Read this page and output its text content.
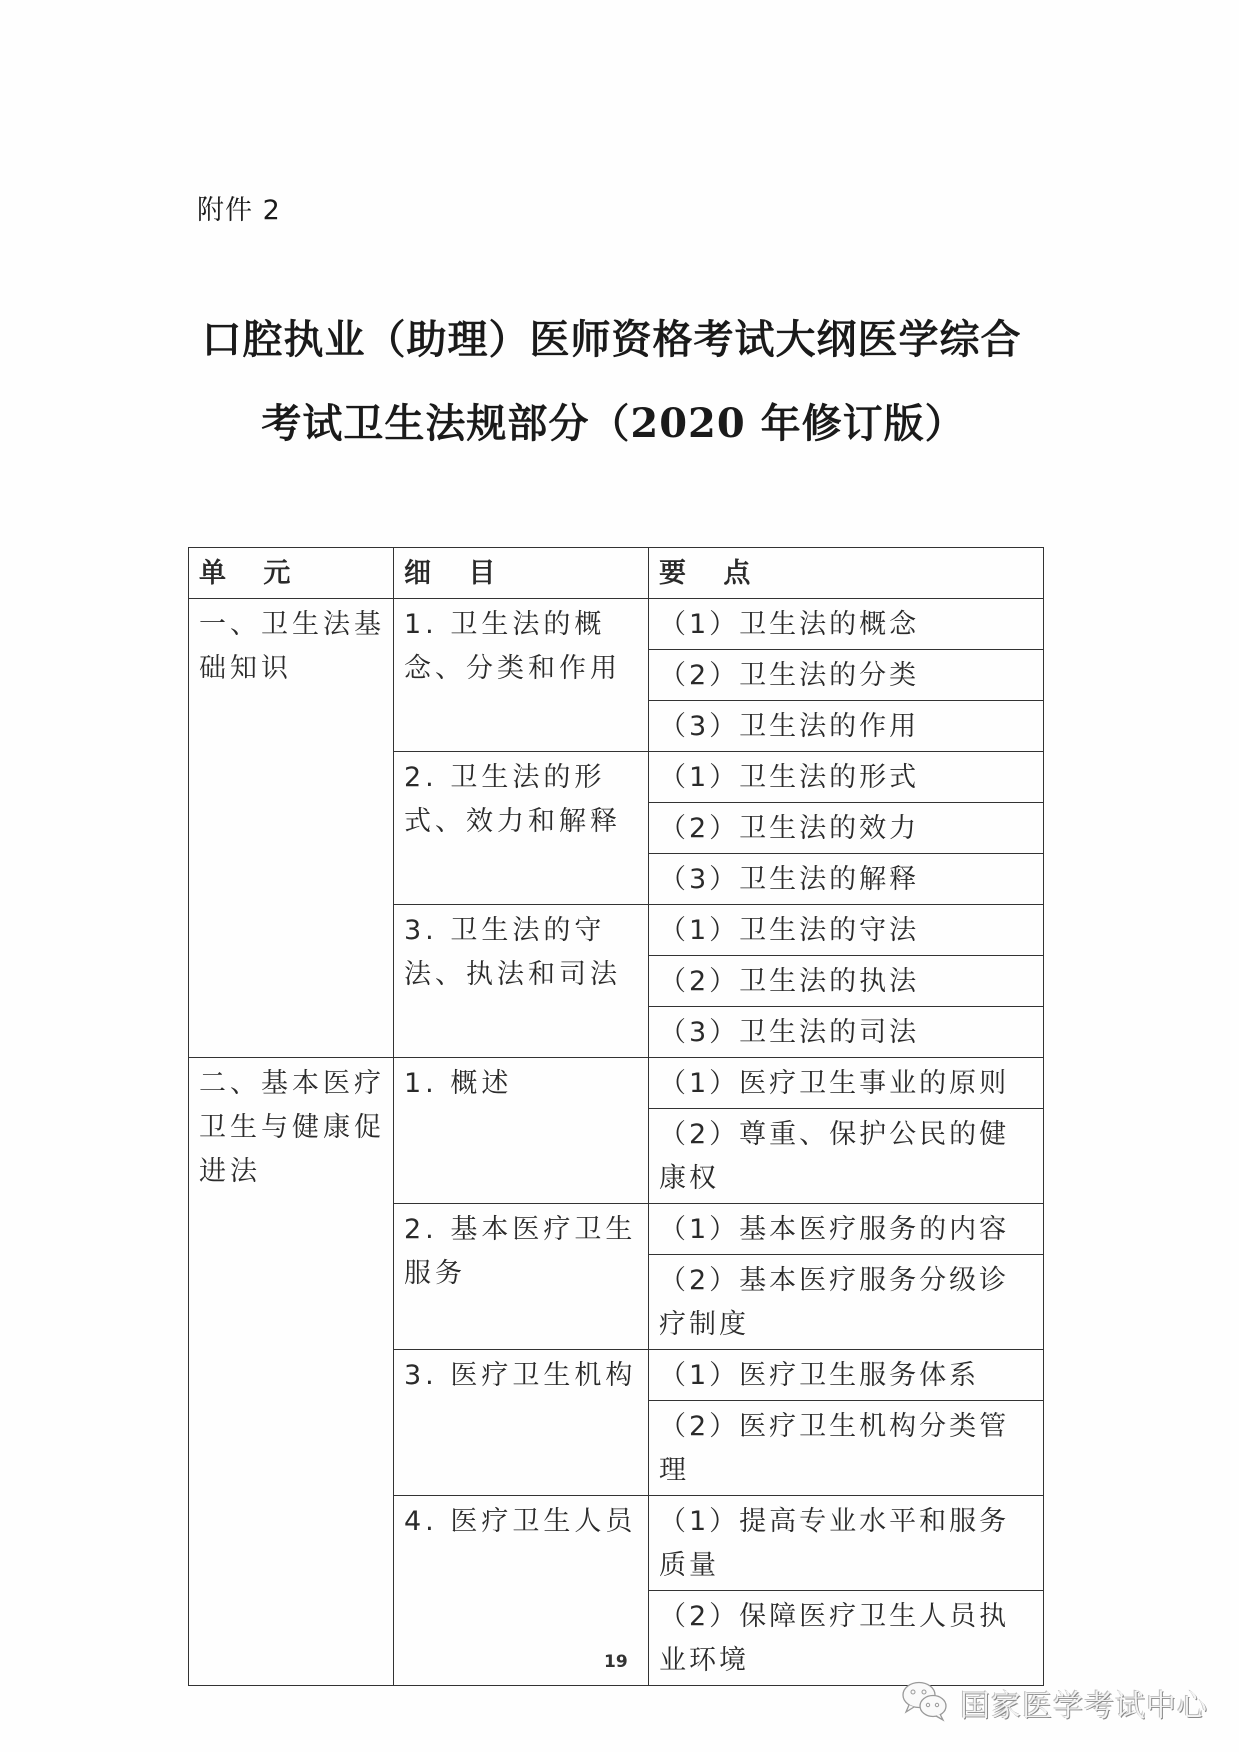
附件 2
口腔执业（助理）医师资格考试大纲医学综合
考试卫生法规部分（2020 年修订版）
单 元	细 目	要 点
一、卫生法基础知识	1. 卫生法的概念、分类和作用	（1）卫生法的概念
		（2）卫生法的分类
		（3）卫生法的作用
	2. 卫生法的形式、效力和解释	（1）卫生法的形式
		（2）卫生法的效力
		（3）卫生法的解释
	3. 卫生法的守法、执法和司法	（1）卫生法的守法
		（2）卫生法的执法
		（3）卫生法的司法
二、基本医疗卫生与健康促进法	1. 概述	（1）医疗卫生事业的原则
		（2）尊重、保护公民的健康权
	2. 基本医疗卫生服务	（1）基本医疗服务的内容
		（2）基本医疗服务分级诊疗制度
	3. 医疗卫生机构	（1）医疗卫生服务体系
		（2）医疗卫生机构分类管理
	4. 医疗卫生人员	（1）提高专业水平和服务质量
		（2）保障医疗卫生人员执业环境
19
国家医学考试中心
